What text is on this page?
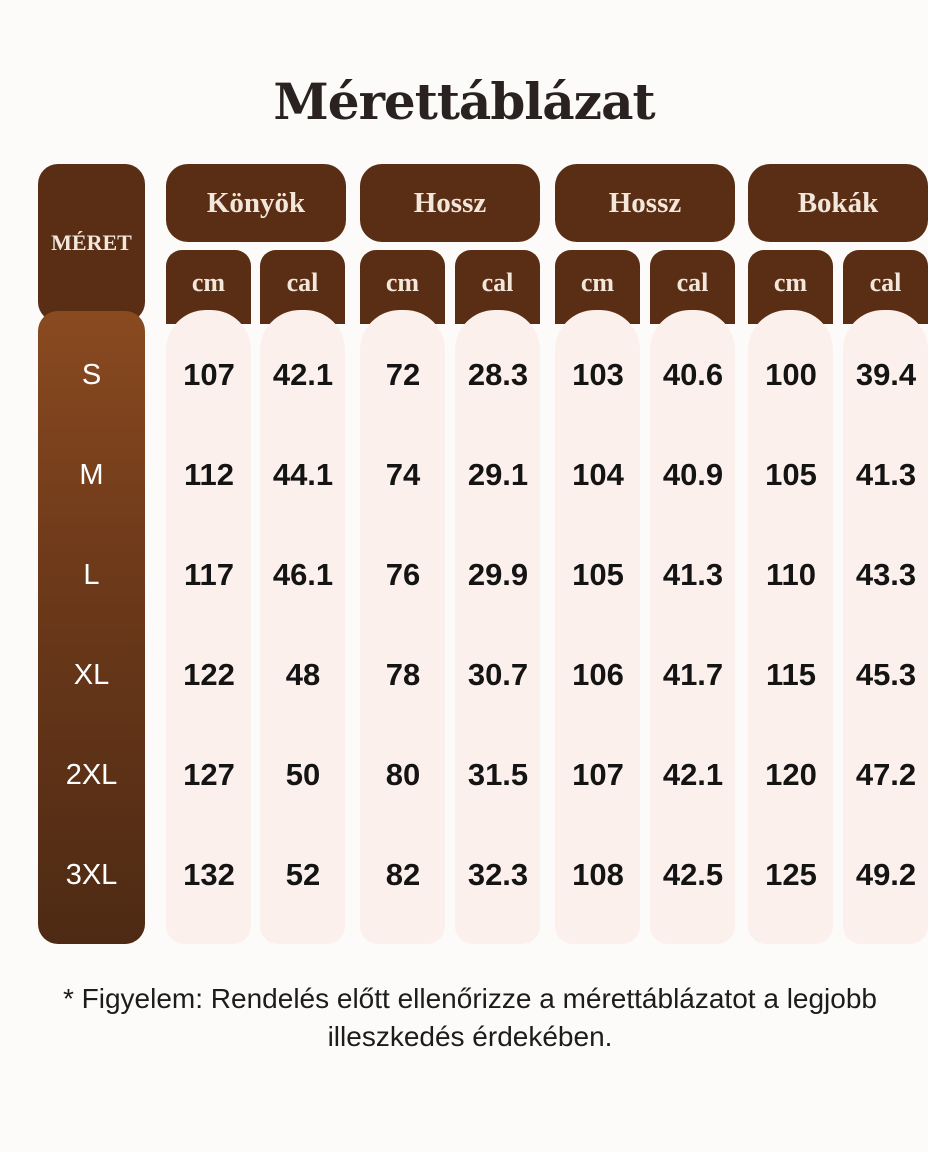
Mérettáblázat
MÉRET
Könyök	Hossz	Hossz	Bokák
cm	cal	cm	cal	cm	cal	cm	cal
S	107	42.1	72	28.3	103	40.6	100	39.4
M	112	44.1	74	29.1	104	40.9	105	41.3
L	117	46.1	76	29.9	105	41.3	110	43.3
XL	122	48	78	30.7	106	41.7	115	45.3
2XL	127	50	80	31.5	107	42.1	120	47.2
3XL	132	52	82	32.3	108	42.5	125	49.2
* Figyelem: Rendelés előtt ellenőrizze a mérettáblázatot a legjobb illeszkedés érdekében.
